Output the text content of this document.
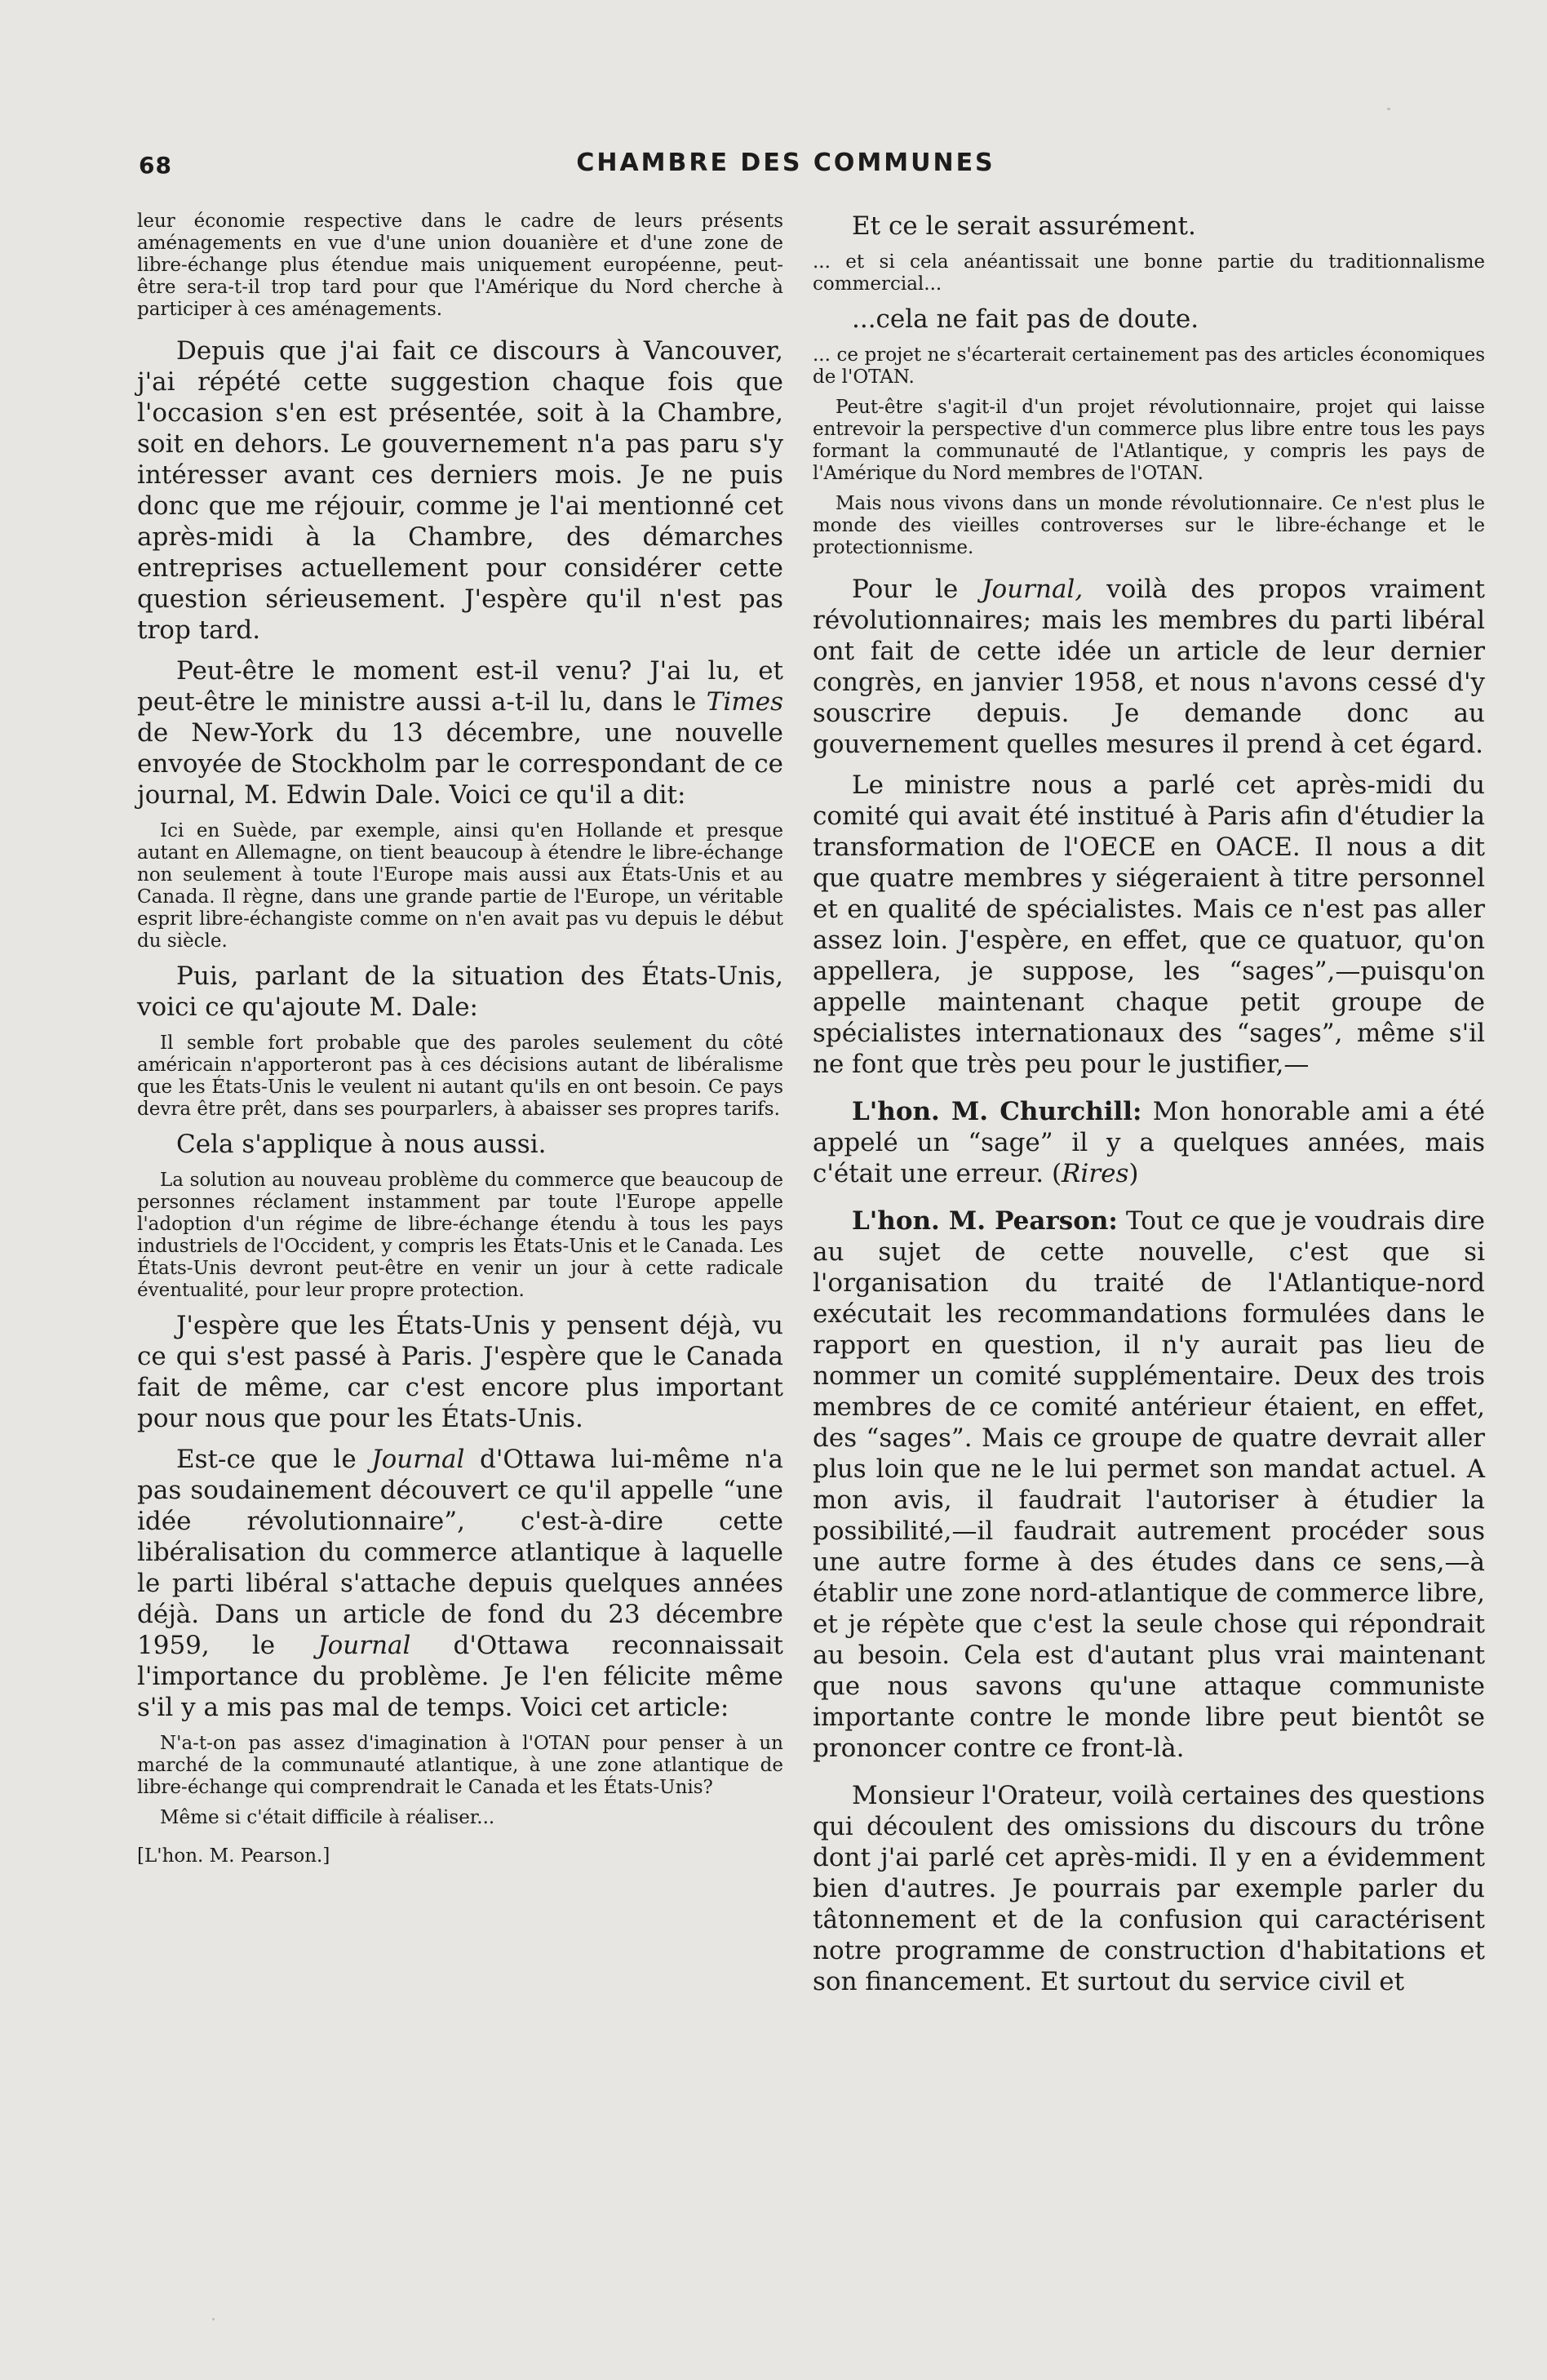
68	CHAMBRE DES COMMUNES

leur économie respective dans le cadre de leurs présents aménagements en vue d'une union douanière et d'une zone de libre-échange plus étendue mais uniquement européenne, peut-être sera-t-il trop tard pour que l'Amérique du Nord cherche à participer à ces aménagements.

Depuis que j'ai fait ce discours à Vancouver, j'ai répété cette suggestion chaque fois que l'occasion s'en est présentée, soit à la Chambre, soit en dehors. Le gouvernement n'a pas paru s'y intéresser avant ces derniers mois. Je ne puis donc que me réjouir, comme je l'ai mentionné cet après-midi à la Chambre, des démarches entreprises actuellement pour considérer cette question sérieusement. J'espère qu'il n'est pas trop tard.

Peut-être le moment est-il venu? J'ai lu, et peut-être le ministre aussi a-t-il lu, dans le Times de New-York du 13 décembre, une nouvelle envoyée de Stockholm par le correspondant de ce journal, M. Edwin Dale. Voici ce qu'il a dit:

Ici en Suède, par exemple, ainsi qu'en Hollande et presque autant en Allemagne, on tient beaucoup à étendre le libre-échange non seulement à toute l'Europe mais aussi aux États-Unis et au Canada. Il règne, dans une grande partie de l'Europe, un véritable esprit libre-échangiste comme on n'en avait pas vu depuis le début du siècle.

Puis, parlant de la situation des États-Unis, voici ce qu'ajoute M. Dale:

Il semble fort probable que des paroles seulement du côté américain n'apporteront pas à ces décisions autant de libéralisme que les États-Unis le veulent ni autant qu'ils en ont besoin. Ce pays devra être prêt, dans ses pourparlers, à abaisser ses propres tarifs.

Cela s'applique à nous aussi.

La solution au nouveau problème du commerce que beaucoup de personnes réclament instamment par toute l'Europe appelle l'adoption d'un régime de libre-échange étendu à tous les pays industriels de l'Occident, y compris les États-Unis et le Canada. Les États-Unis devront peut-être en venir un jour à cette radicale éventualité, pour leur propre protection.

J'espère que les États-Unis y pensent déjà, vu ce qui s'est passé à Paris. J'espère que le Canada fait de même, car c'est encore plus important pour nous que pour les États-Unis.

Est-ce que le Journal d'Ottawa lui-même n'a pas soudainement découvert ce qu'il appelle “une idée révolutionnaire”, c'est-à-dire cette libéralisation du commerce atlantique à laquelle le parti libéral s'attache depuis quelques années déjà. Dans un article de fond du 23 décembre 1959, le Journal d'Ottawa reconnaissait l'importance du problème. Je l'en félicite même s'il y a mis pas mal de temps. Voici cet article:

N'a-t-on pas assez d'imagination à l'OTAN pour penser à un marché de la communauté atlantique, à une zone atlantique de libre-échange qui comprendrait le Canada et les États-Unis?

Même si c'était difficile à réaliser...

[L'hon. M. Pearson.]

Et ce le serait assurément.

... et si cela anéantissait une bonne partie du traditionnalisme commercial...

...cela ne fait pas de doute.

... ce projet ne s'écarterait certainement pas des articles économiques de l'OTAN.

Peut-être s'agit-il d'un projet révolutionnaire, projet qui laisse entrevoir la perspective d'un commerce plus libre entre tous les pays formant la communauté de l'Atlantique, y compris les pays de l'Amérique du Nord membres de l'OTAN.

Mais nous vivons dans un monde révolutionnaire. Ce n'est plus le monde des vieilles controverses sur le libre-échange et le protectionnisme.

Pour le Journal, voilà des propos vraiment révolutionnaires; mais les membres du parti libéral ont fait de cette idée un article de leur dernier congrès, en janvier 1958, et nous n'avons cessé d'y souscrire depuis. Je demande donc au gouvernement quelles mesures il prend à cet égard.

Le ministre nous a parlé cet après-midi du comité qui avait été institué à Paris afin d'étudier la transformation de l'OECE en OACE. Il nous a dit que quatre membres y siégeraient à titre personnel et en qualité de spécialistes. Mais ce n'est pas aller assez loin. J'espère, en effet, que ce quatuor, qu'on appellera, je suppose, les “sages”,—puisqu'on appelle maintenant chaque petit groupe de spécialistes internationaux des “sages”, même s'il ne font que très peu pour le justifier,—

L'hon. M. Churchill: Mon honorable ami a été appelé un “sage” il y a quelques années, mais c'était une erreur. (Rires)

L'hon. M. Pearson: Tout ce que je voudrais dire au sujet de cette nouvelle, c'est que si l'organisation du traité de l'Atlantique-nord exécutait les recommandations formulées dans le rapport en question, il n'y aurait pas lieu de nommer un comité supplémentaire. Deux des trois membres de ce comité antérieur étaient, en effet, des “sages”. Mais ce groupe de quatre devrait aller plus loin que ne le lui permet son mandat actuel. A mon avis, il faudrait l'autoriser à étudier la possibilité,—il faudrait autrement procéder sous une autre forme à des études dans ce sens,—à établir une zone nord-atlantique de commerce libre, et je répète que c'est la seule chose qui répondrait au besoin. Cela est d'autant plus vrai maintenant que nous savons qu'une attaque communiste importante contre le monde libre peut bientôt se prononcer contre ce front-là.

Monsieur l'Orateur, voilà certaines des questions qui découlent des omissions du discours du trône dont j'ai parlé cet après-midi. Il y en a évidemment bien d'autres. Je pourrais par exemple parler du tâtonnement et de la confusion qui caractérisent notre programme de construction d'habitations et son financement. Et surtout du service civil et
